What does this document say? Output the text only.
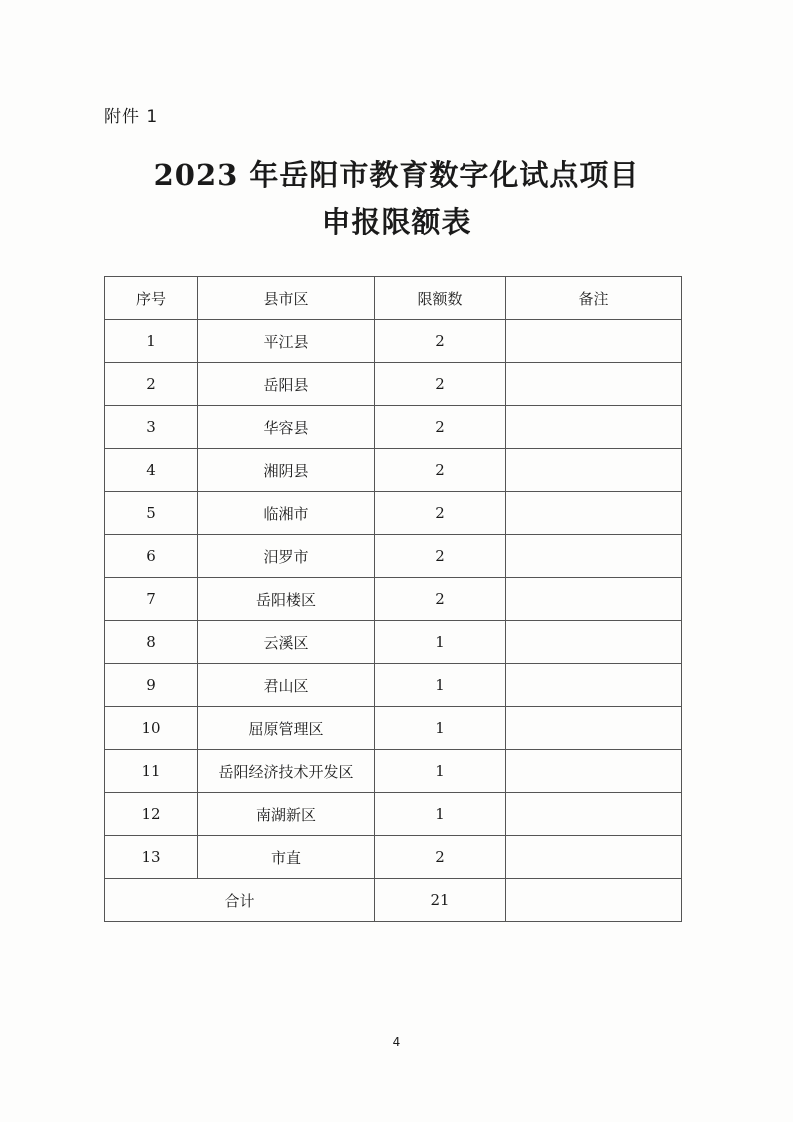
附件 1
2023 年岳阳市教育数字化试点项目
申报限额表
序号	县市区	限额数	备注
1	平江县	2	
2	岳阳县	2	
3	华容县	2	
4	湘阴县	2	
5	临湘市	2	
6	汨罗市	2	
7	岳阳楼区	2	
8	云溪区	1	
9	君山区	1	
10	屈原管理区	1	
11	岳阳经济技术开发区	1	
12	南湖新区	1	
13	市直	2	
合计		21	
4
